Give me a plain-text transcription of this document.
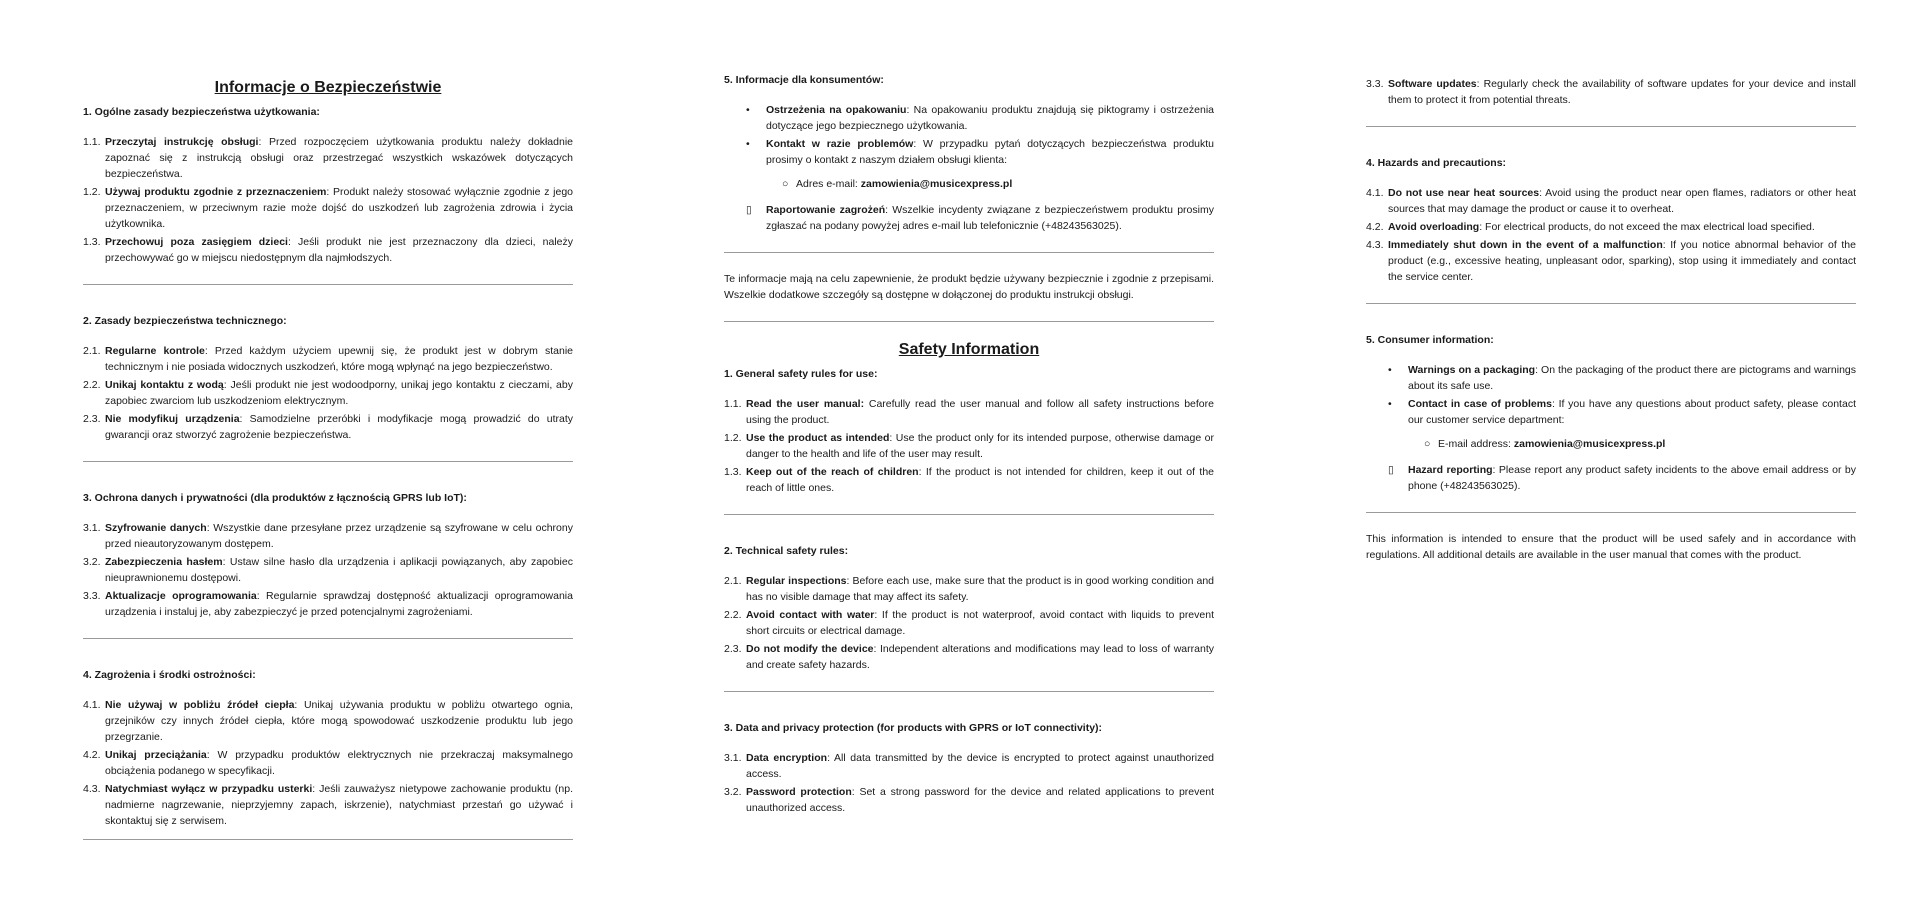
Informacje o Bezpieczeństwie
1. Ogólne zasady bezpieczeństwa użytkowania:
1.1. Przeczytaj instrukcję obsługi: Przed rozpoczęciem użytkowania produktu należy dokładnie zapoznać się z instrukcją obsługi oraz przestrzegać wszystkich wskazówek dotyczących bezpieczeństwa.
1.2. Używaj produktu zgodnie z przeznaczeniem: Produkt należy stosować wyłącznie zgodnie z jego przeznaczeniem, w przeciwnym razie może dojść do uszkodzeń lub zagrożenia zdrowia i życia użytkownika.
1.3. Przechowuj poza zasięgiem dzieci: Jeśli produkt nie jest przeznaczony dla dzieci, należy przechowywać go w miejscu niedostępnym dla najmłodszych.
2. Zasady bezpieczeństwa technicznego:
2.1. Regularne kontrole: Przed każdym użyciem upewnij się, że produkt jest w dobrym stanie technicznym i nie posiada widocznych uszkodzeń, które mogą wpłynąć na jego bezpieczeństwo.
2.2. Unikaj kontaktu z wodą: Jeśli produkt nie jest wodoodporny, unikaj jego kontaktu z cieczami, aby zapobiec zwarciom lub uszkodzeniom elektrycznym.
2.3. Nie modyfikuj urządzenia: Samodzielne przeróbki i modyfikacje mogą prowadzić do utraty gwarancji oraz stworzyć zagrożenie bezpieczeństwa.
3. Ochrona danych i prywatności (dla produktów z łącznością GPRS lub IoT):
3.1. Szyfrowanie danych: Wszystkie dane przesyłane przez urządzenie są szyfrowane w celu ochrony przed nieautoryzowanym dostępem.
3.2. Zabezpieczenia hasłem: Ustaw silne hasło dla urządzenia i aplikacji powiązanych, aby zapobiec nieuprawnionemu dostępowi.
3.3. Aktualizacje oprogramowania: Regularnie sprawdzaj dostępność aktualizacji oprogramowania urządzenia i instaluj je, aby zabezpieczyć je przed potencjalnymi zagrożeniami.
4. Zagrożenia i środki ostrożności:
4.1. Nie używaj w pobliżu źródeł ciepła: Unikaj używania produktu w pobliżu otwartego ognia, grzejników czy innych źródeł ciepła, które mogą spowodować uszkodzenie produktu lub jego przegrzanie.
4.2. Unikaj przeciążania: W przypadku produktów elektrycznych nie przekraczaj maksymalnego obciążenia podanego w specyfikacji.
4.3. Natychmiast wyłącz w przypadku usterki: Jeśli zauważysz nietypowe zachowanie produktu (np. nadmierne nagrzewanie, nieprzyjemny zapach, iskrzenie), natychmiast przestań go używać i skontaktuj się z serwisem.
5. Informacje dla konsumentów:
• Ostrzeżenia na opakowaniu: Na opakowaniu produktu znajdują się piktogramy i ostrzeżenia dotyczące jego bezpiecznego użytkowania.
• Kontakt w razie problemów: W przypadku pytań dotyczących bezpieczeństwa produktu prosimy o kontakt z naszym działem obsługi klienta:
○ Adres e-mail: zamowienia@musicexpress.pl
▯ Raportowanie zagrożeń: Wszelkie incydenty związane z bezpieczeństwem produktu prosimy zgłaszać na podany powyżej adres e-mail lub telefonicznie (+48243563025).
Te informacje mają na celu zapewnienie, że produkt będzie używany bezpiecznie i zgodnie z przepisami. Wszelkie dodatkowe szczegóły są dostępne w dołączonej do produktu instrukcji obsługi.
Safety Information
1. General safety rules for use:
1.1. Read the user manual: Carefully read the user manual and follow all safety instructions before using the product.
1.2. Use the product as intended: Use the product only for its intended purpose, otherwise damage or danger to the health and life of the user may result.
1.3. Keep out of the reach of children: If the product is not intended for children, keep it out of the reach of little ones.
2. Technical safety rules:
2.1. Regular inspections: Before each use, make sure that the product is in good working condition and has no visible damage that may affect its safety.
2.2. Avoid contact with water: If the product is not waterproof, avoid contact with liquids to prevent short circuits or electrical damage.
2.3. Do not modify the device: Independent alterations and modifications may lead to loss of warranty and create safety hazards.
3. Data and privacy protection (for products with GPRS or IoT connectivity):
3.1. Data encryption: All data transmitted by the device is encrypted to protect against unauthorized access.
3.2. Password protection: Set a strong password for the device and related applications to prevent unauthorized access.
3.3. Software updates: Regularly check the availability of software updates for your device and install them to protect it from potential threats.
4. Hazards and precautions:
4.1. Do not use near heat sources: Avoid using the product near open flames, radiators or other heat sources that may damage the product or cause it to overheat.
4.2. Avoid overloading: For electrical products, do not exceed the max electrical load specified.
4.3. Immediately shut down in the event of a malfunction: If you notice abnormal behavior of the product (e.g., excessive heating, unpleasant odor, sparking), stop using it immediately and contact the service center.
5. Consumer information:
• Warnings on a packaging: On the packaging of the product there are pictograms and warnings about its safe use.
• Contact in case of problems: If you have any questions about product safety, please contact our customer service department:
○ E-mail address: zamowienia@musicexpress.pl
▯ Hazard reporting: Please report any product safety incidents to the above email address or by phone (+48243563025).
This information is intended to ensure that the product will be used safely and in accordance with regulations. All additional details are available in the user manual that comes with the product.
